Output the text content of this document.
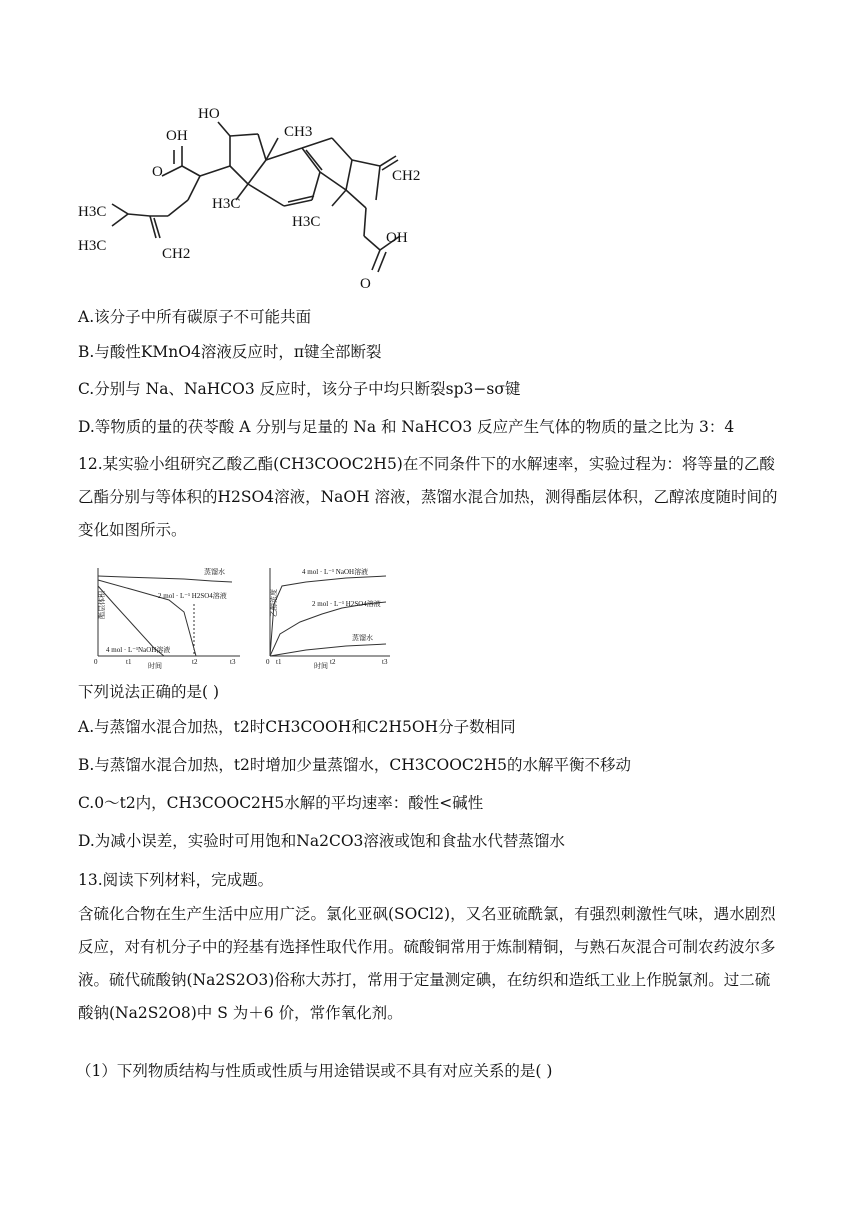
HO
OH	CH3
H3C
H3C
H3C	CH2
H3C
CH2
OH
O
O
A.该分子中所有碳原子不可能共面
B.与酸性KMnO4溶液反应时，π键全部断裂
C.分别与 Na、NaHCO3 反应时，该分子中均只断裂sp3−sσ键
D.等物质的量的茯苓酸 A 分别与足量的 Na 和 NaHCO3 反应产生气体的物质的量之比为 3：4
12.某实验小组研究乙酸乙酯(CH3COOC2H5)在不同条件下的水解速率，实验过程为：将等量的乙酸乙酯分别与等体积的H2SO4溶液，NaOH 溶液，蒸馏水混合加热，测得酯层体积，乙醇浓度随时间的变化如图所示。
酯层体积
时间
0	t1	t2	t3
蒸馏水
2 mol · L⁻¹ H2SO4溶液
4 mol · L⁻¹NaOH溶液
乙醇浓度
时间
0 t1	t2	t3
4 mol · L⁻¹ NaOH溶液
2 mol · L⁻¹ H2SO4溶液
蒸馏水
下列说法正确的是( )
A.与蒸馏水混合加热，t2时CH3COOH和C2H5OH分子数相同
B.与蒸馏水混合加热，t2时增加少量蒸馏水，CH3COOC2H5的水解平衡不移动
C.0～t2内，CH3COOC2H5水解的平均速率：酸性<碱性
D.为减小误差，实验时可用饱和Na2CO3溶液或饱和食盐水代替蒸馏水
13.阅读下列材料，完成题。
含硫化合物在生产生活中应用广泛。氯化亚砜(SOCl2)，又名亚硫酰氯，有强烈刺激性气味，遇水剧烈反应，对有机分子中的羟基有选择性取代作用。硫酸铜常用于炼制精铜，与熟石灰混合可制农药波尔多液。硫代硫酸钠(Na2S2O3)俗称大苏打，常用于定量测定碘，在纺织和造纸工业上作脱氯剂。过二硫酸钠(Na2S2O8)中 S 为＋6 价，常作氧化剂。
（1）下列物质结构与性质或性质与用途错误或不具有对应关系的是( )
